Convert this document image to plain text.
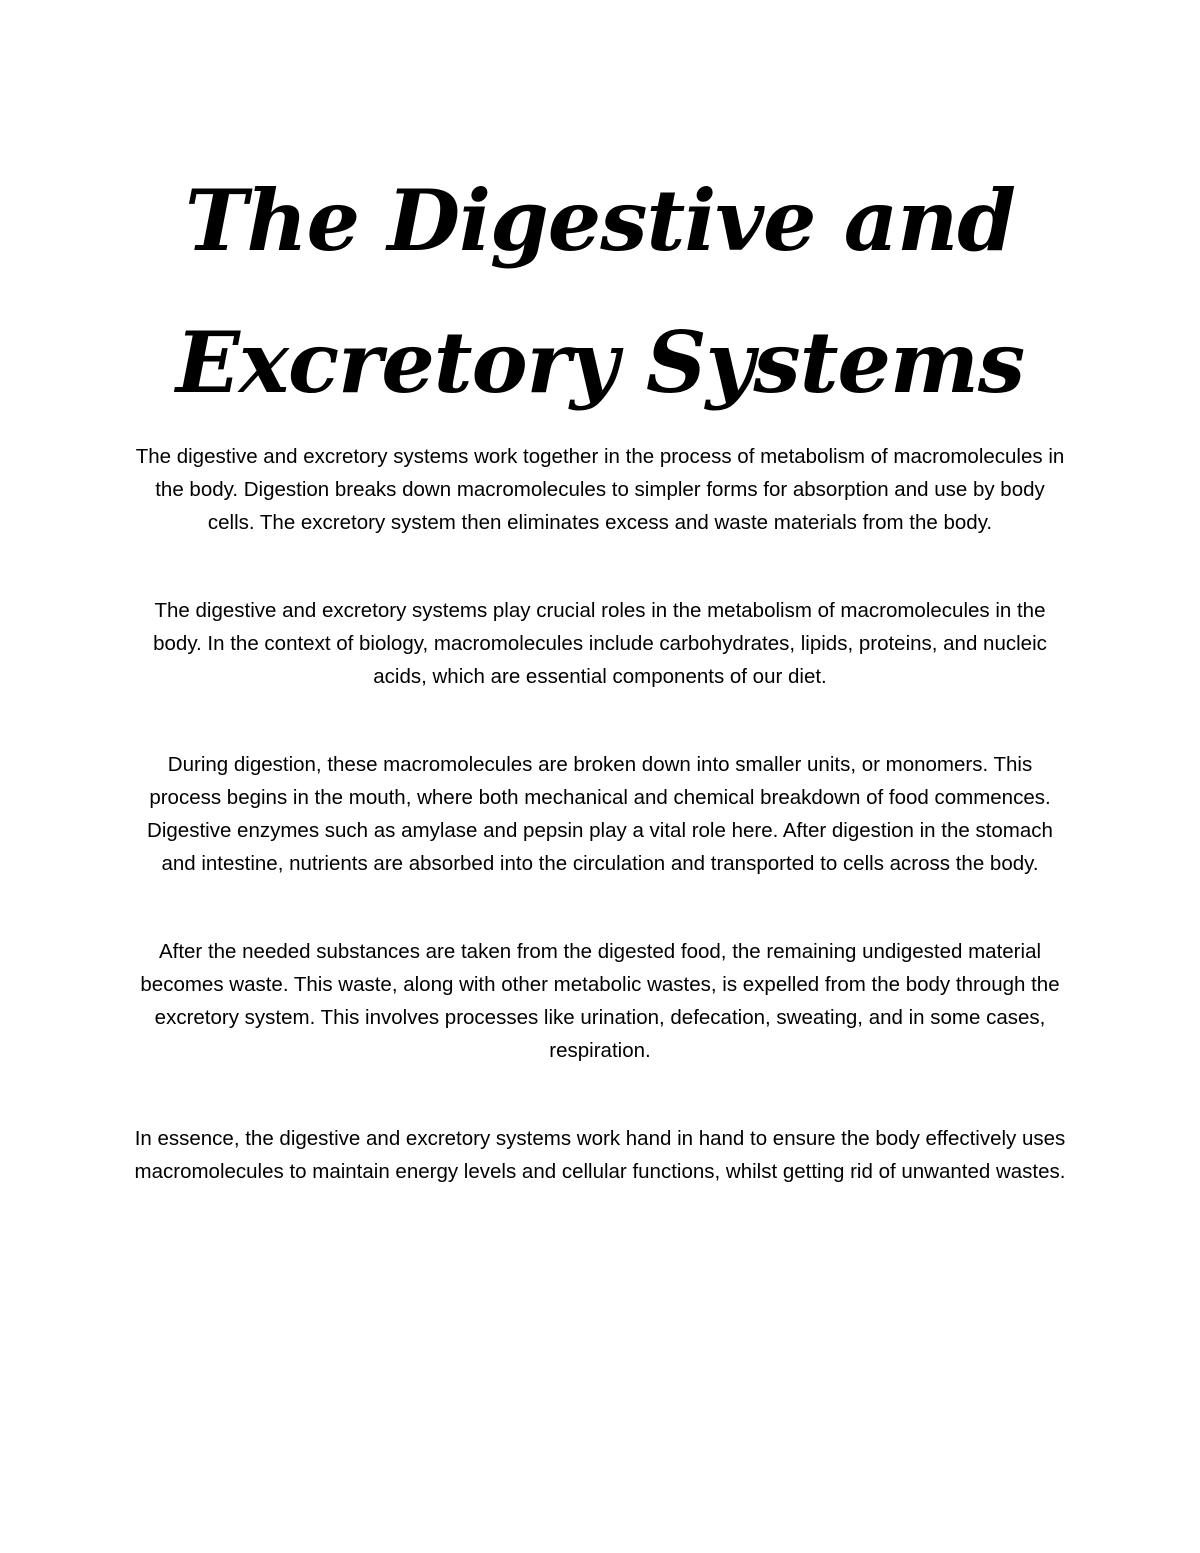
The Digestive and
Excretory Systems

The digestive and excretory systems work together in the process of metabolism of macromolecules in the body. Digestion breaks down macromolecules to simpler forms for absorption and use by body cells. The excretory system then eliminates excess and waste materials from the body.

The digestive and excretory systems play crucial roles in the metabolism of macromolecules in the body. In the context of biology, macromolecules include carbohydrates, lipids, proteins, and nucleic acids, which are essential components of our diet.

During digestion, these macromolecules are broken down into smaller units, or monomers. This process begins in the mouth, where both mechanical and chemical breakdown of food commences. Digestive enzymes such as amylase and pepsin play a vital role here. After digestion in the stomach and intestine, nutrients are absorbed into the circulation and transported to cells across the body.

After the needed substances are taken from the digested food, the remaining undigested material becomes waste. This waste, along with other metabolic wastes, is expelled from the body through the excretory system. This involves processes like urination, defecation, sweating, and in some cases, respiration.

In essence, the digestive and excretory systems work hand in hand to ensure the body effectively uses macromolecules to maintain energy levels and cellular functions, whilst getting rid of unwanted wastes.
